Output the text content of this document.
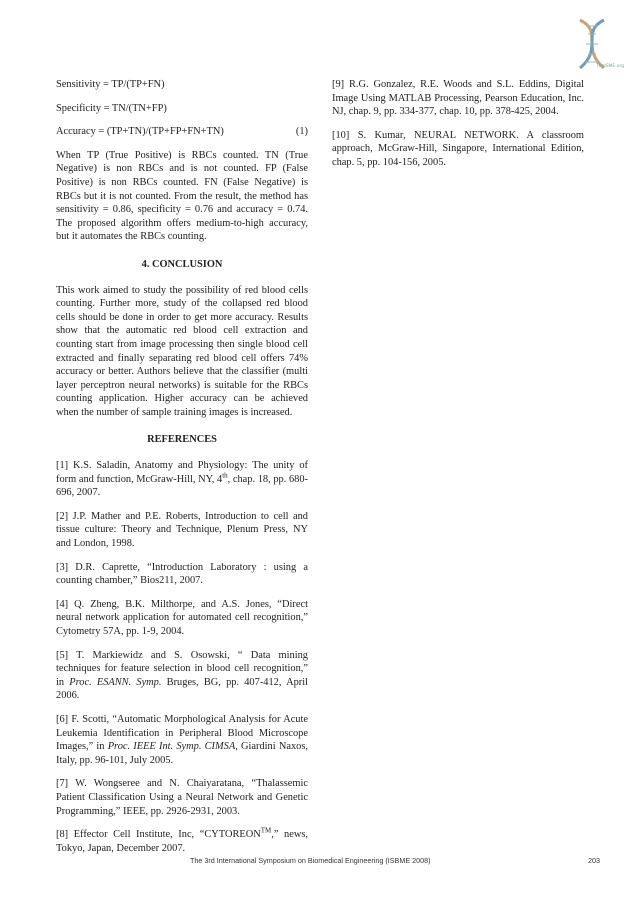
TheISME.org
Sensitivity = TP/(TP+FN)
Specificity = TN/(TN+FP)
Accuracy = (TP+TN)/(TP+FP+FN+TN)	(1)

When TP (True Positive) is RBCs counted. TN (True Negative) is non RBCs and is not counted. FP (False Positive) is non RBCs counted. FN (False Negative) is RBCs but it is not counted. From the result, the method has sensitivity = 0.86, specificity = 0.76 and accuracy = 0.74. The proposed algorithm offers medium-to-high accuracy, but it automates the RBCs counting.

4. CONCLUSION

This work aimed to study the possibility of red blood cells counting. Further more, study of the collapsed red blood cells should be done in order to get more accuracy. Results show that the automatic red blood cell extraction and counting start from image processing then single blood cell extracted and finally separating red blood cell offers 74% accuracy or better. Authors believe that the classifier (multi layer perceptron neural networks) is suitable for the RBCs counting application. Higher accuracy can be achieved when the number of sample training images is increased.

REFERENCES
[1] K.S. Saladin, Anatomy and Physiology: The unity of form and function, McGraw-Hill, NY, 4th, chap. 18, pp. 680-696, 2007.
[2] J.P. Mather and P.E. Roberts, Introduction to cell and tissue culture: Theory and Technique, Plenum Press, NY and London, 1998.
[3] D.R. Caprette, “Introduction Laboratory : using a counting chamber,” Bios211, 2007.
[4] Q. Zheng, B.K. Milthorpe, and A.S. Jones, “Direct neural network application for automated cell recognition,” Cytometry 57A, pp. 1-9, 2004.
[5] T. Markiewidz and S. Osowski, “ Data mining techniques for feature selection in blood cell recognition,” in Proc. ESANN. Symp. Bruges, BG, pp. 407-412, April 2006.
[6] F. Scotti, “Automatic Morphological Analysis for Acute Leukemia Identification in Peripheral Blood Microscope Images,” in Proc. IEEE Int. Symp. CIMSA, Giardini Naxos, Italy, pp. 96-101, July 2005.
[7] W. Wongseree and N. Chaiyaratana, “Thalassemic Patient Classification Using a Neural Network and Genetic Programming,” IEEE, pp. 2926-2931, 2003.
[8] Effector Cell Institute, Inc, “CYTOREON™,” news, Tokyo, Japan, December 2007.
[9] R.G. Gonzalez, R.E. Woods and S.L. Eddins, Digital Image Using MATLAB Processing, Pearson Education, Inc. NJ, chap. 9, pp. 334-377, chap. 10, pp. 378-425, 2004.
[10] S. Kumar, NEURAL NETWORK. A classroom approach, McGraw-Hill, Singapore, International Edition, chap. 5, pp. 104-156, 2005.
The 3rd International Symposium on Biomedical Engineering (ISBME 2008)	203
